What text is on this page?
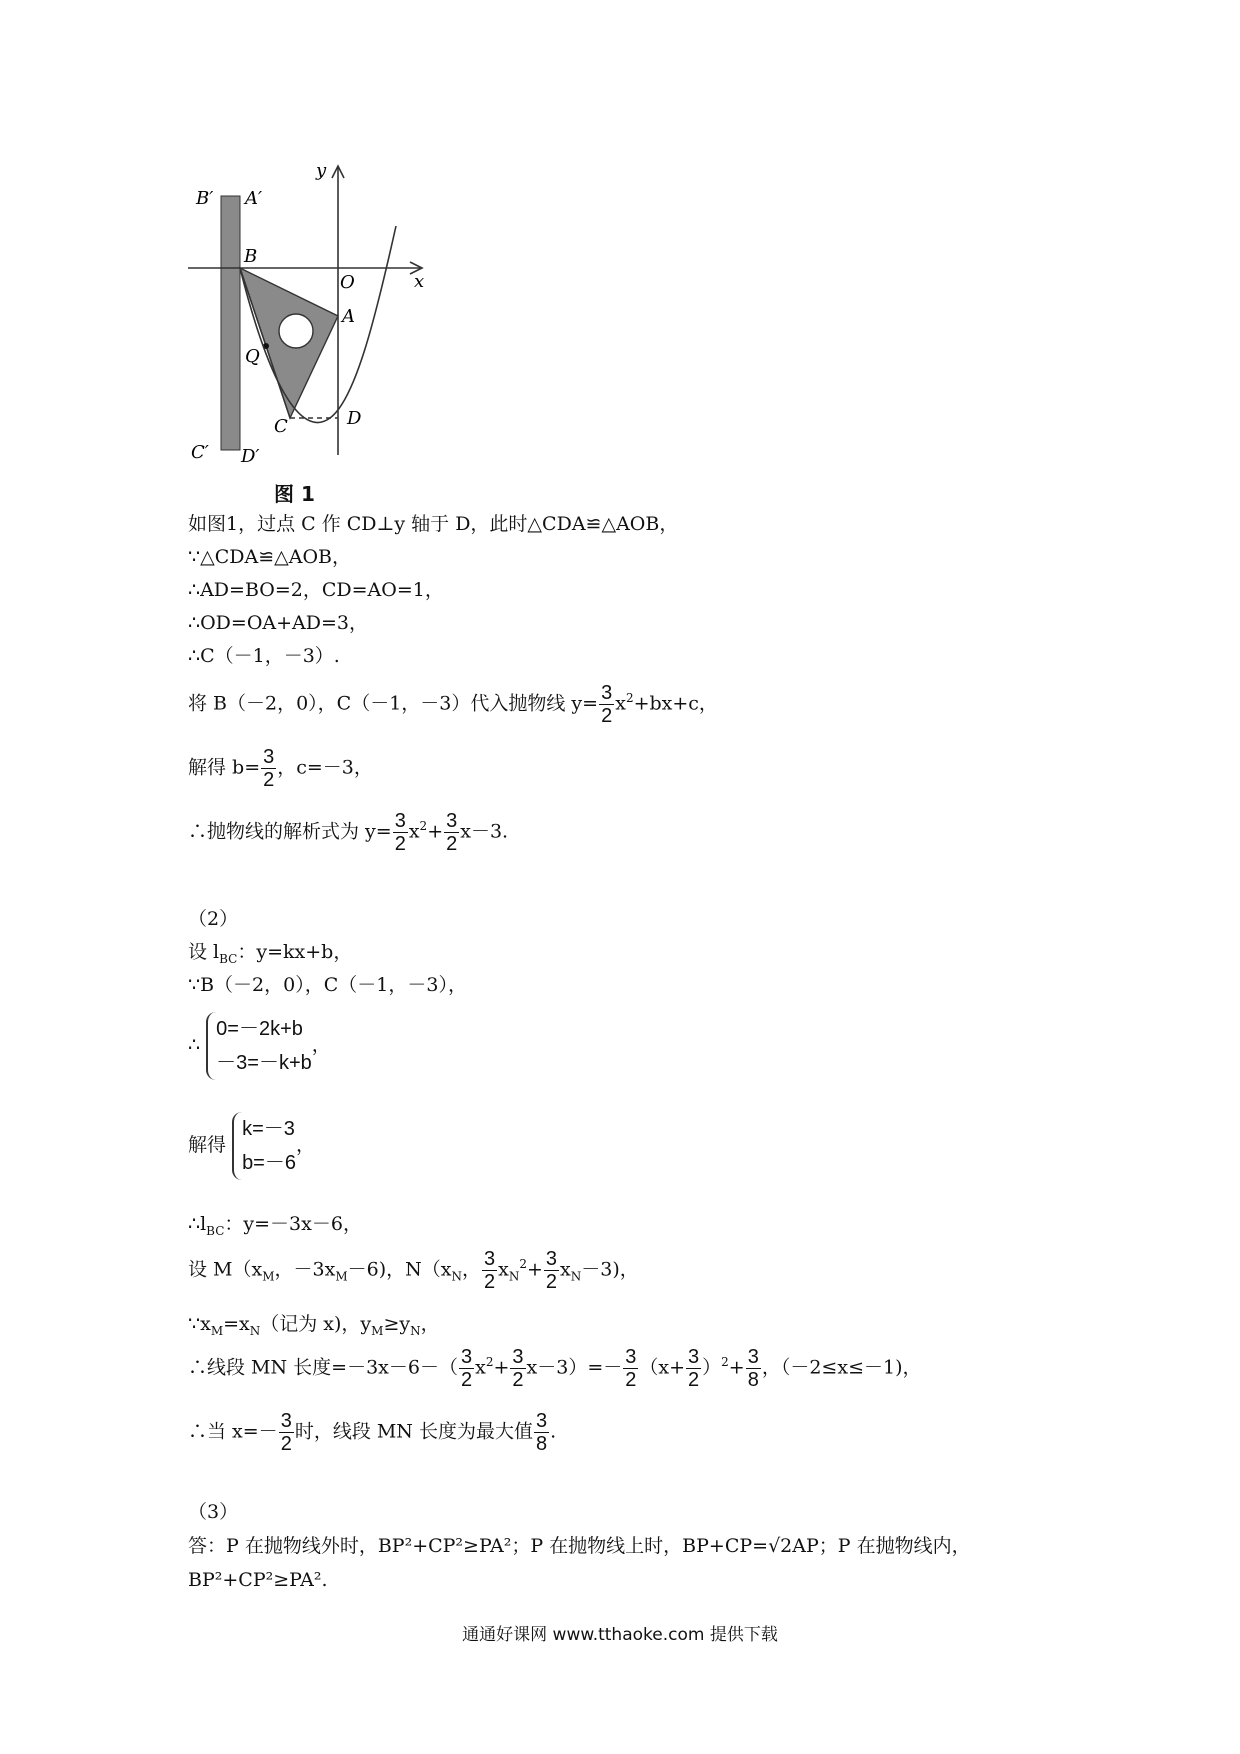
B′ A′
B
O	x
y
A
Q
C	D
C′ D′
图 1
如图1，过点 C 作 CD⊥y 轴于 D，此时△CDA≌△AOB，
∵△CDA≌△AOB，
∴AD=BO=2，CD=AO=1，
∴OD=OA+AD=3，
∴C（－1，－3）.
将 B（－2，0），C（－1，－3）代入抛物线 $y= \frac{3}{2} x^2+bx+c$，
解得 $b= \frac{3}{2}$ ，c=－3，
∴抛物线的解析式为 $y= \frac{3}{2} x^2+ \frac{3}{2} x-3$.
（2）
设 $l_{BC}$：y=kx+b，
∵B（－2，0），C（－1，－3），
∴
0=－2k+b
－3=－k+b
，
解得
k=－3
b=－6
，
$\therefore l_{BC}$：y=－3x－6，
设 $M(x_M$，$-3x_M-6$)，$N(x_N$， $\frac{3}{2} x_N^2+ \frac{3}{2} x_N-3$)，
$\because x_M=x_N$（记为 x)，$y_M\ge y_N$，
∴线段 MN 长度$=-3x-6-( \frac{3}{2} x^2+ \frac{3}{2} x-3)=- \frac{3}{2} (x+ \frac{3}{2} )^2+ \frac{3}{8}$ ，（－2≤x≤－1)，
∴当 $x=- \frac{3}{2}$ 时，线段 MN 长度为最大值 $\frac{3}{8}$ .
（3）
答：P 在抛物线外时，BP²+CP²≥PA²；P 在抛物线上时，BP+CP=√2AP；P 在抛物线内，
BP²+CP²≥PA².
通通好课网 www.tthaoke.com 提供下载
